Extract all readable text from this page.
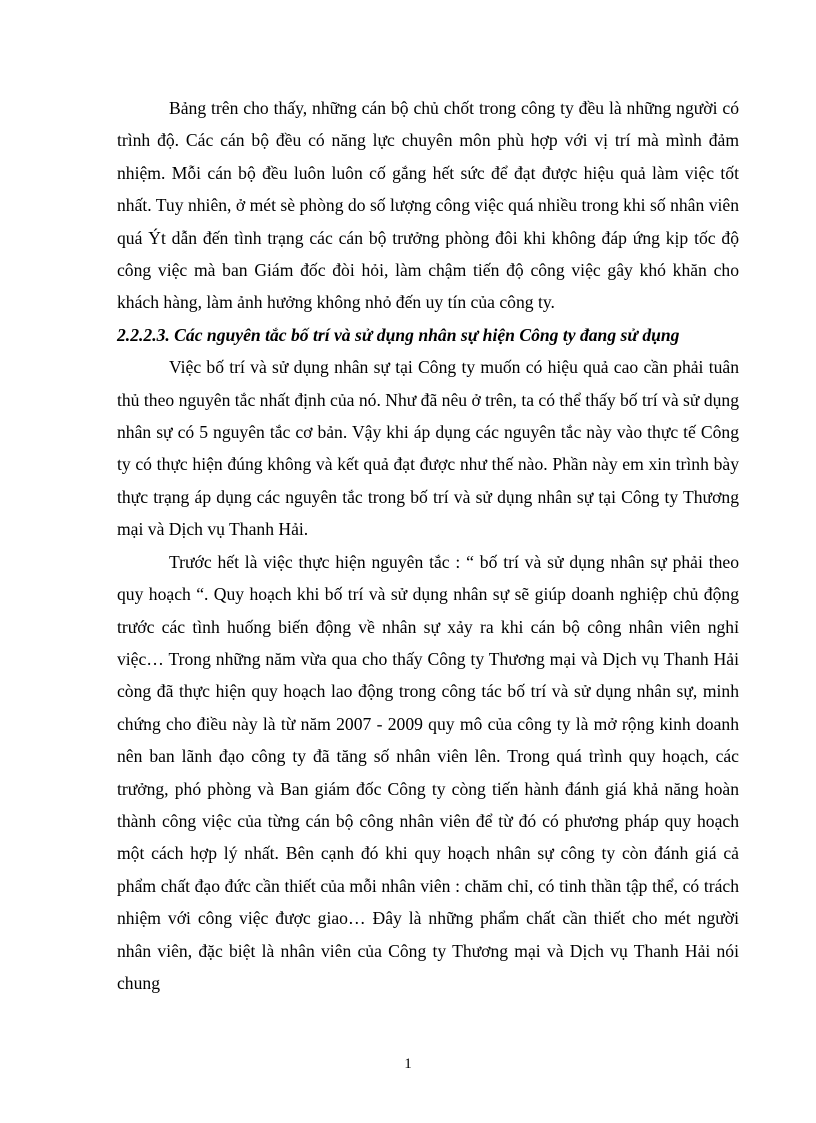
Bảng trên cho thấy, những cán bộ chủ chốt trong công ty đều là những người có trình độ. Các cán bộ đều có năng lực chuyên môn phù hợp với vị trí mà mình đảm nhiệm. Mỗi cán bộ đều luôn luôn cố gắng hết sức để đạt được hiệu quả làm việc tốt nhất. Tuy nhiên, ở mét sè phòng do số lượng công việc quá nhiều trong khi số nhân viên quá Ýt dẫn đến tình trạng các cán bộ trưởng phòng đôi khi không đáp ứng kịp tốc độ công việc mà ban Giám đốc đòi hỏi, làm chậm tiến độ công việc gây khó khăn cho khách hàng, làm ảnh hưởng không nhỏ đến uy tín của công ty.

2.2.2.3. Các nguyên tắc bố trí và sử dụng nhân sự hiện Công ty đang sử dụng

Việc bố trí và sử dụng nhân sự tại Công ty muốn có hiệu quả cao cần phải tuân thủ theo nguyên tắc nhất định của nó. Như đã nêu ở trên, ta có thể thấy bố trí và sử dụng nhân sự có 5 nguyên tắc cơ bản. Vậy khi áp dụng các nguyên tắc này vào thực tế Công ty có thực hiện đúng không và kết quả đạt được như thế nào. Phần này em xin trình bày thực trạng áp dụng các nguyên tắc trong bố trí và sử dụng nhân sự tại Công ty Thương mại và Dịch vụ Thanh Hải.

Trước hết là việc thực hiện nguyên tắc : “ bố trí và sử dụng nhân sự phải theo quy hoạch “. Quy hoạch khi bố trí và sử dụng nhân sự sẽ giúp doanh nghiệp chủ động trước các tình huống biến động về nhân sự xảy ra khi cán bộ công nhân viên nghỉ việc… Trong những năm vừa qua cho thấy Công ty Thương mại và Dịch vụ Thanh Hải còng đã thực hiện quy hoạch lao động trong công tác bố trí và sử dụng nhân sự, minh chứng cho điều này là từ năm 2007 - 2009 quy mô của công ty là mở rộng kinh doanh nên ban lãnh đạo công ty đã tăng số nhân viên lên. Trong quá trình quy hoạch, các trưởng, phó phòng và Ban giám đốc Công ty còng tiến hành đánh giá khả năng hoàn thành công việc của từng cán bộ công nhân viên để từ đó có phương pháp quy hoạch một cách hợp lý nhất. Bên cạnh đó khi quy hoạch nhân sự công ty còn đánh giá cả phẩm chất đạo đức cần thiết của mỗi nhân viên : chăm chỉ, có tinh thần tập thể, có trách nhiệm với công việc được giao… Đây là những phẩm chất cần thiết cho mét người nhân viên, đặc biệt là nhân viên của Công ty Thương mại và Dịch vụ Thanh Hải nói chung

1
